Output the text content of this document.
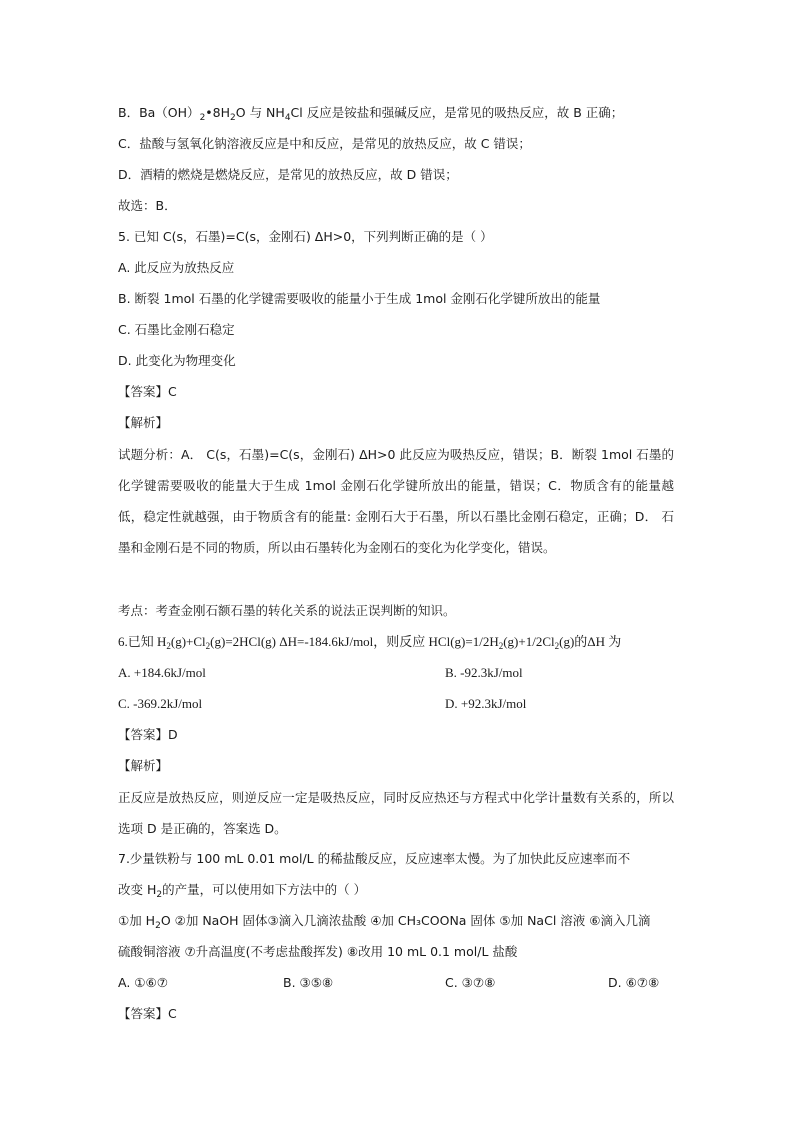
B．$Ba(OH)_2•8H_2O$ 与 $NH_4Cl$ 反应是铵盐和强碱反应，是常见的吸热反应，故 B 正确；
C．盐酸与氢氧化钠溶液反应是中和反应，是常见的放热反应，故 C 错误；
D．酒精的燃烧是燃烧反应，是常见的放热反应，故 D 错误；
故选：B．
5. 已知 C(s，石墨)=C(s，金刚石) ΔH>0，下列判断正确的是（ ）
A. 此反应为放热反应
B. 断裂 1mol 石墨的化学键需要吸收的能量小于生成 1mol 金刚石化学键所放出的能量
C. 石墨比金刚石稳定
D. 此变化为物理变化
【答案】C
【解析】
试题分析：A． C(s，石墨)=C(s，金刚石) ΔH>0 此反应为吸热反应，错误；B．断裂 1mol 石墨的化学键需要吸收的能量大于生成 1mol 金刚石化学键所放出的能量，错误；C．物质含有的能量越低，稳定性就越强，由于物质含有的能量: 金刚石大于石墨，所以石墨比金刚石稳定，正确；D． 石墨和金刚石是不同的物质，所以由石墨转化为金刚石的变化为化学变化，错误。
考点：考查金刚石额石墨的转化关系的说法正误判断的知识。
6.已知 $H_2(g)+Cl_2(g)=2HCl(g)$ ΔH=-184.6kJ/mol，则反应 $HCl(g)=1/2H_2(g)+1/2Cl_2(g)$的ΔH 为
A. +184.6kJ/mol	B. -92.3kJ/mol
C. -369.2kJ/mol	D. +92.3kJ/mol
【答案】D
【解析】
正反应是放热反应，则逆反应一定是吸热反应，同时反应热还与方程式中化学计量数有关系的，所以选项 D 是正确的，答案选 D。
7.少量铁粉与 100 mL 0.01 mol/L 的稀盐酸反应，反应速率太慢。为了加快此反应速率而不
改变 $H_2$的产量，可以使用如下方法中的（ ）
①加 $H_2O$ ②加 NaOH 固体③滴入几滴浓盐酸 ④加 CH₃COONa 固体 ⑤加 NaCl 溶液 ⑥滴入几滴
硫酸铜溶液 ⑦升高温度(不考虑盐酸挥发) ⑧改用 10 mL 0.1 mol/L 盐酸
A. ①⑥⑦	B. ③⑤⑧	C. ③⑦⑧	D. ⑥⑦⑧
【答案】C
